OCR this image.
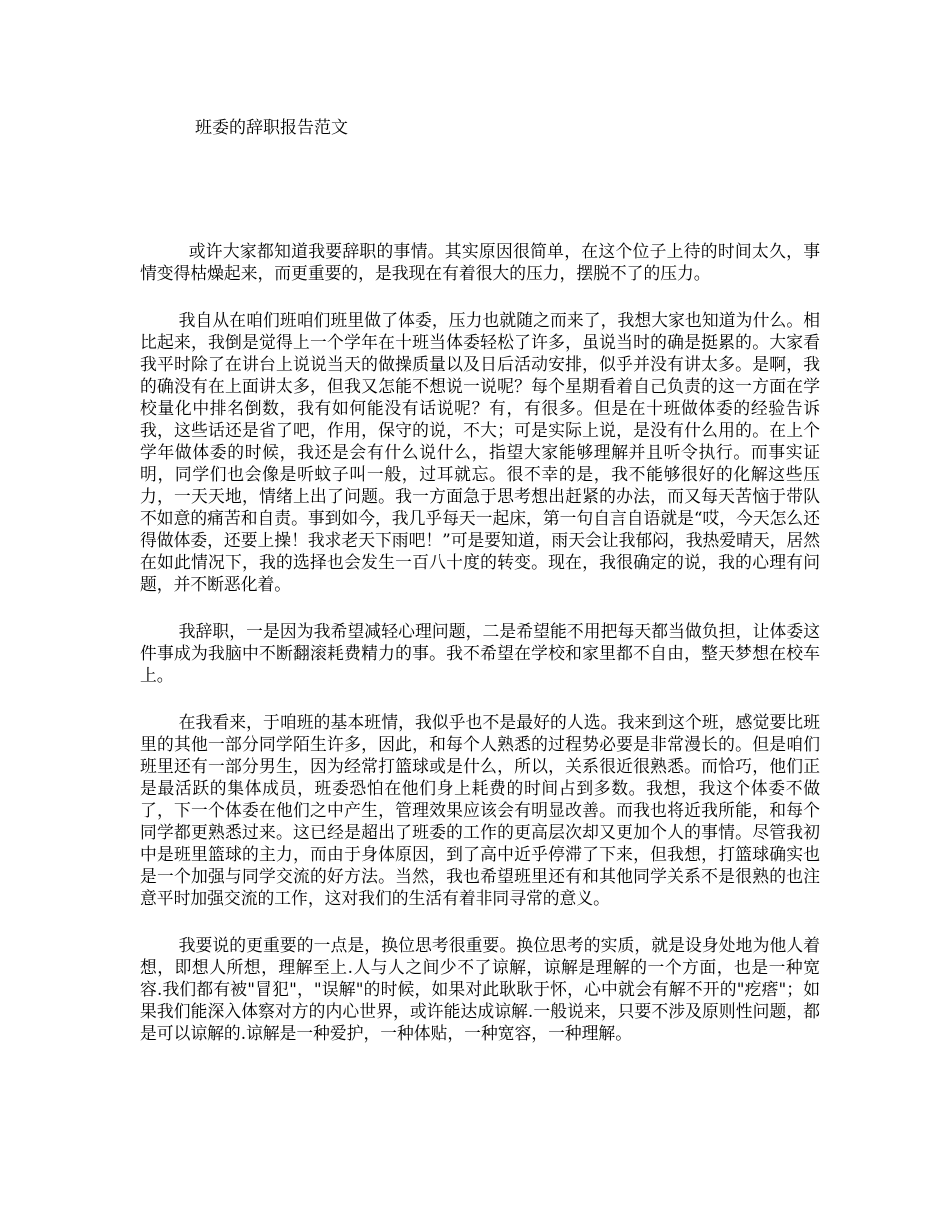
班委的辞职报告范文

或许大家都知道我要辞职的事情。其实原因很简单，在这个位子上待的时间太久，事情变得枯燥起来，而更重要的，是我现在有着很大的压力，摆脱不了的压力。

我自从在咱们班咱们班里做了体委，压力也就随之而来了，我想大家也知道为什么。相比起来，我倒是觉得上一个学年在十班当体委轻松了许多，虽说当时的确是挺累的。大家看我平时除了在讲台上说说当天的做操质量以及日后活动安排，似乎并没有讲太多。是啊，我的确没有在上面讲太多，但我又怎能不想说一说呢？每个星期看着自己负责的这一方面在学校量化中排名倒数，我有如何能没有话说呢？有，有很多。但是在十班做体委的经验告诉我，这些话还是省了吧，作用，保守的说，不大；可是实际上说，是没有什么用的。在上个学年做体委的时候，我还是会有什么说什么，指望大家能够理解并且听令执行。而事实证明，同学们也会像是听蚊子叫一般，过耳就忘。很不幸的是，我不能够很好的化解这些压力，一天天地，情绪上出了问题。我一方面急于思考想出赶紧的办法，而又每天苦恼于带队不如意的痛苦和自责。事到如今，我几乎每天一起床，第一句自言自语就是“哎，今天怎么还得做体委，还要上操！我求老天下雨吧！”可是要知道，雨天会让我郁闷，我热爱晴天，居然在如此情况下，我的选择也会发生一百八十度的转变。现在，我很确定的说，我的心理有问题，并不断恶化着。

我辞职，一是因为我希望减轻心理问题，二是希望能不用把每天都当做负担，让体委这件事成为我脑中不断翻滚耗费精力的事。我不希望在学校和家里都不自由，整天梦想在校车上。

在我看来，于咱班的基本班情，我似乎也不是最好的人选。我来到这个班，感觉要比班里的其他一部分同学陌生许多，因此，和每个人熟悉的过程势必要是非常漫长的。但是咱们班里还有一部分男生，因为经常打篮球或是什么，所以，关系很近很熟悉。而恰巧，他们正是最活跃的集体成员，班委恐怕在他们身上耗费的时间占到多数。我想，我这个体委不做了，下一个体委在他们之中产生，管理效果应该会有明显改善。而我也将近我所能，和每个同学都更熟悉过来。这已经是超出了班委的工作的更高层次却又更加个人的事情。尽管我初中是班里篮球的主力，而由于身体原因，到了高中近乎停滞了下来，但我想，打篮球确实也是一个加强与同学交流的好方法。当然，我也希望班里还有和其他同学关系不是很熟的也注意平时加强交流的工作，这对我们的生活有着非同寻常的意义。

我要说的更重要的一点是，换位思考很重要。换位思考的实质，就是设身处地为他人着想，即想人所想，理解至上.人与人之间少不了谅解，谅解是理解的一个方面，也是一种宽容.我们都有被"冒犯"，"误解"的时候，如果对此耿耿于怀，心中就会有解不开的"疙瘩"；如果我们能深入体察对方的内心世界，或许能达成谅解.一般说来，只要不涉及原则性问题，都是可以谅解的.谅解是一种爱护，一种体贴，一种宽容，一种理解。
